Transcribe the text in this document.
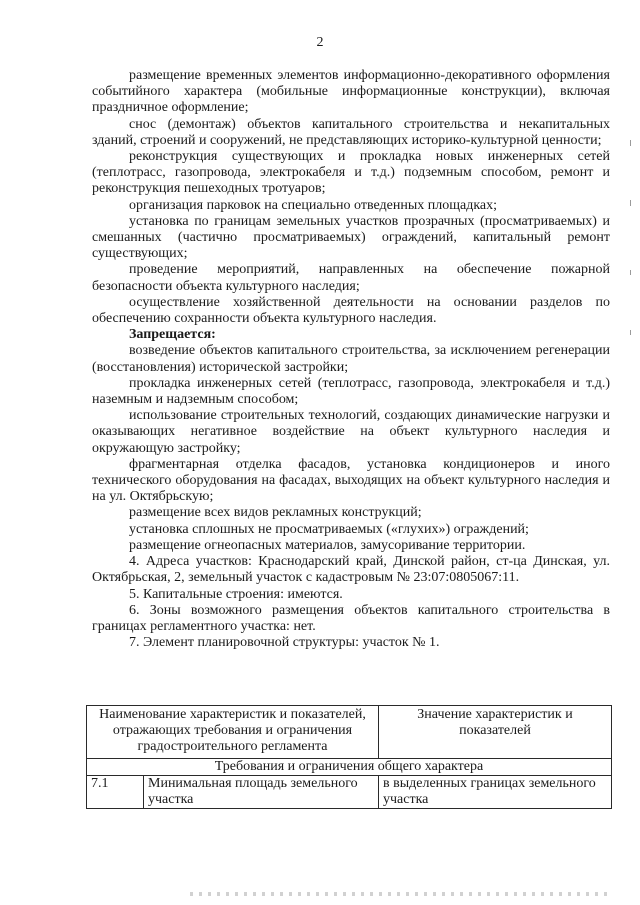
2

размещение временных элементов информационно-декоративного оформления событийного характера (мобильные информационные конструкции), включая праздничное оформление;

снос (демонтаж) объектов капитального строительства и некапитальных зданий, строений и сооружений, не представляющих историко-культурной ценности;

реконструкция существующих и прокладка новых инженерных сетей (теплотрасс, газопровода, электрокабеля и т.д.) подземным способом, ремонт и реконструкция пешеходных тротуаров;

организация парковок на специально отведенных площадках;

установка по границам земельных участков прозрачных (просматриваемых) и смешанных (частично просматриваемых) ограждений, капитальный ремонт существующих;

проведение мероприятий, направленных на обеспечение пожарной безопасности объекта культурного наследия;

осуществление хозяйственной деятельности на основании разделов по обеспечению сохранности объекта культурного наследия.

Запрещается:

возведение объектов капитального строительства, за исключением регенерации (восстановления) исторической застройки;

прокладка инженерных сетей (теплотрасс, газопровода, электрокабеля и т.д.) наземным и надземным способом;

использование строительных технологий, создающих динамические нагрузки и оказывающих негативное воздействие на объект культурного наследия и окружающую застройку;

фрагментарная отделка фасадов, установка кондиционеров и иного технического оборудования на фасадах, выходящих на объект культурного наследия и на ул. Октябрьскую;

размещение всех видов рекламных конструкций;

установка сплошных не просматриваемых («глухих») ограждений;

размещение огнеопасных материалов, замусоривание территории.

4. Адреса участков: Краснодарский край, Динской район, ст-ца Динская, ул. Октябрьская, 2, земельный участок с кадастровым № 23:07:0805067:11.

5. Капитальные строения: имеются.

6. Зоны возможного размещения объектов капитального строительства в границах регламентного участка: нет.

7. Элемент планировочной структуры: участок № 1.

Наименование характеристик и показателей, отражающих требования и ограничения градостроительного регламента		Значение характеристик и показателей
Требования и ограничения общего характера		
7.1	Минимальная площадь земельного участка	в выделенных границах земельного участка
